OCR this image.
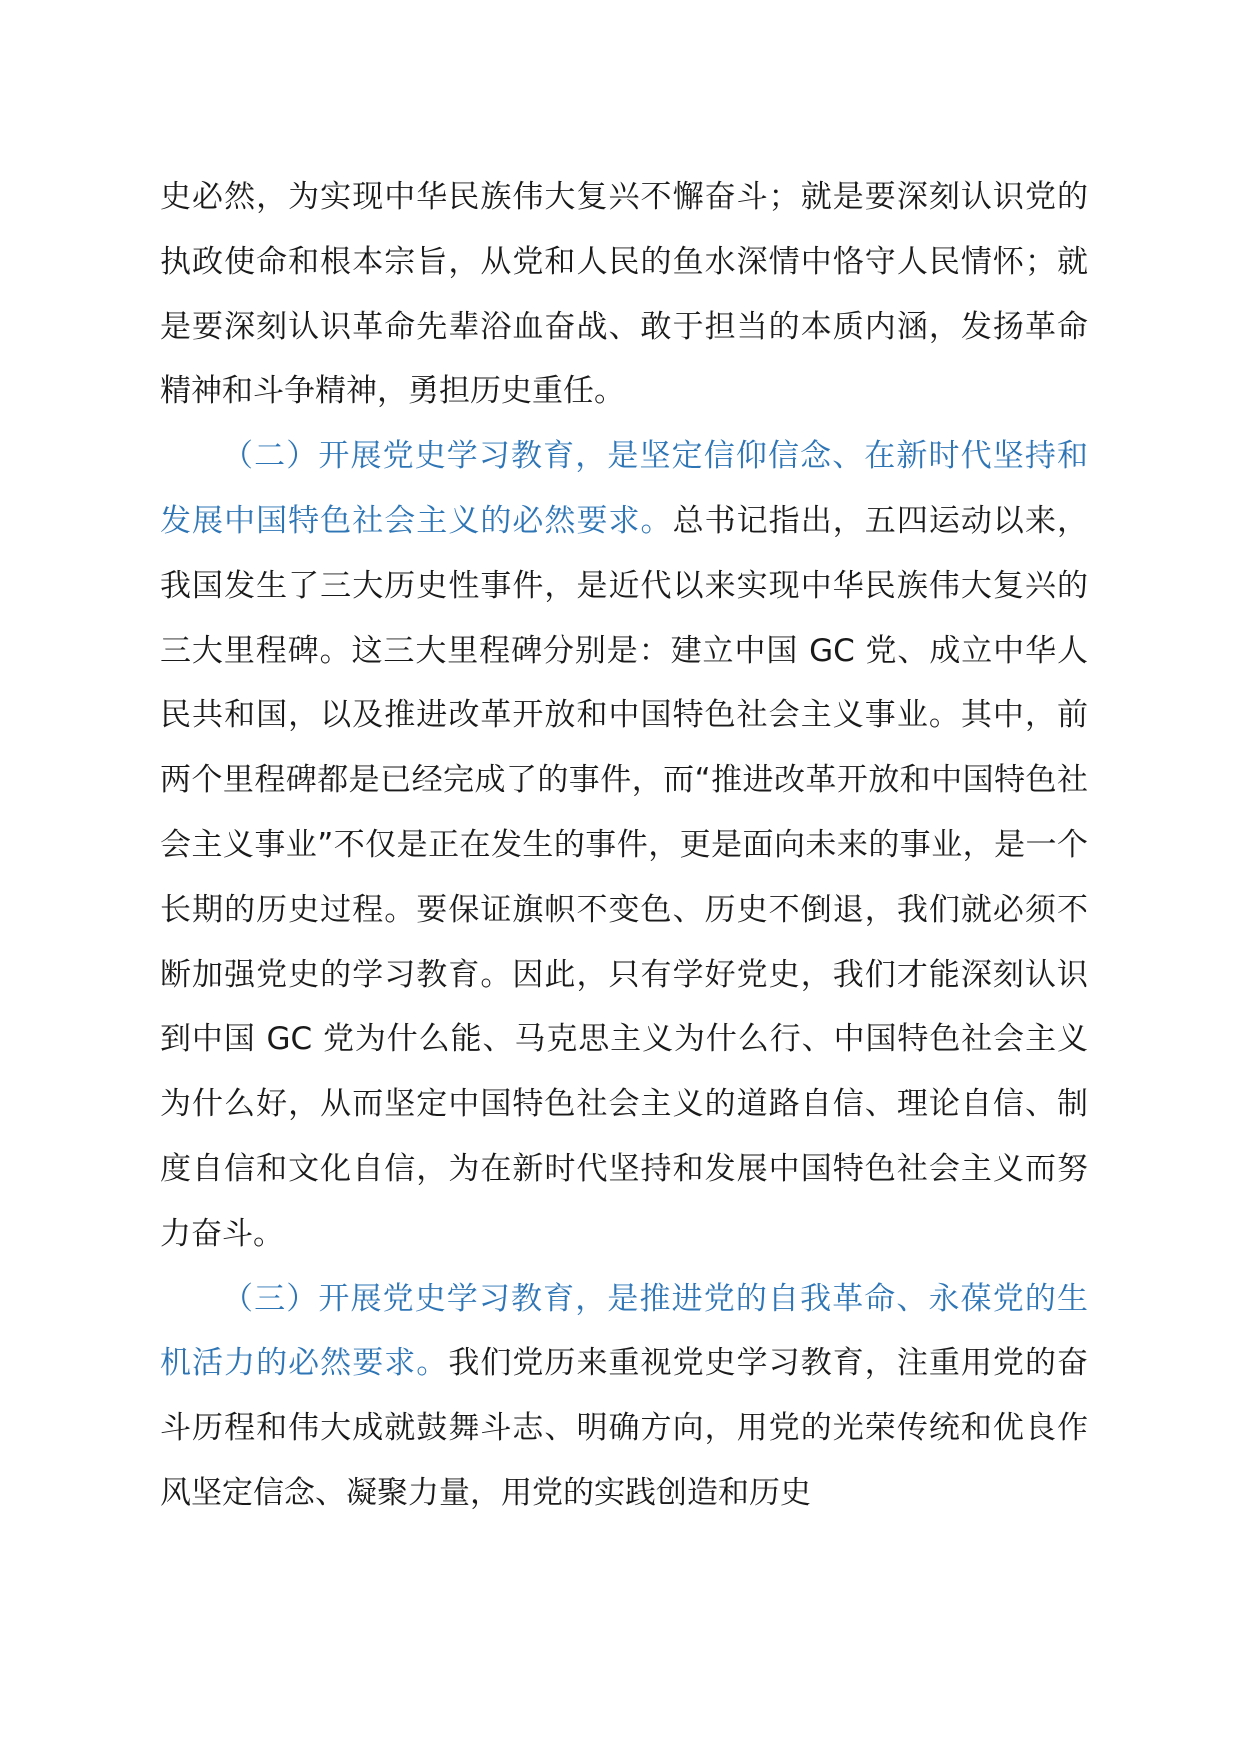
史必然，为实现中华民族伟大复兴不懈奋斗；就是要深刻认识党的执政使命和根本宗旨，从党和人民的鱼水深情中恪守人民情怀；就是要深刻认识革命先辈浴血奋战、敢于担当的本质内涵，发扬革命精神和斗争精神，勇担历史重任。

（二）开展党史学习教育，是坚定信仰信念、在新时代坚持和发展中国特色社会主义的必然要求。总书记指出，五四运动以来，我国发生了三大历史性事件，是近代以来实现中华民族伟大复兴的三大里程碑。这三大里程碑分别是：建立中国 GC 党、成立中华人民共和国，以及推进改革开放和中国特色社会主义事业。其中，前两个里程碑都是已经完成了的事件，而“推进改革开放和中国特色社会主义事业”不仅是正在发生的事件，更是面向未来的事业，是一个长期的历史过程。要保证旗帜不变色、历史不倒退，我们就必须不断加强党史的学习教育。因此，只有学好党史，我们才能深刻认识到中国 GC 党为什么能、马克思主义为什么行、中国特色社会主义为什么好，从而坚定中国特色社会主义的道路自信、理论自信、制度自信和文化自信，为在新时代坚持和发展中国特色社会主义而努力奋斗。

（三）开展党史学习教育，是推进党的自我革命、永葆党的生机活力的必然要求。我们党历来重视党史学习教育，注重用党的奋斗历程和伟大成就鼓舞斗志、明确方向，用党的光荣传统和优良作风坚定信念、凝聚力量，用党的实践创造和历史
